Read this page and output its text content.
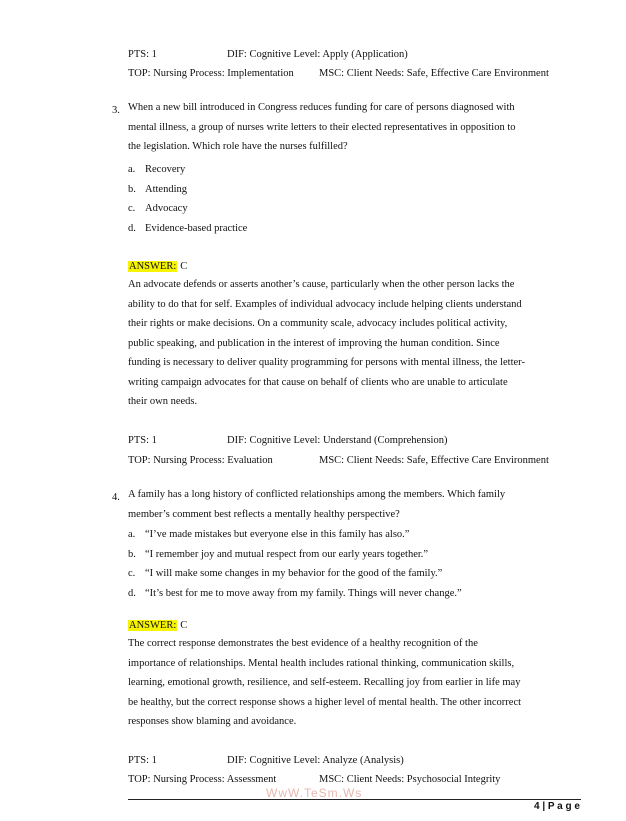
PTS: 1	DIF: Cognitive Level: Apply (Application)
TOP: Nursing Process: Implementation MSC: Client Needs: Safe, Effective Care Environment
3. When a new bill introduced in Congress reduces funding for care of persons diagnosed with
mental illness, a group of nurses write letters to their elected representatives in opposition to
the legislation. Which role have the nurses fulfilled?
a. Recovery
b. Attending
c. Advocacy
d. Evidence-based practice
ANSWER: C
An advocate defends or asserts another’s cause, particularly when the other person lacks the
ability to do that for self. Examples of individual advocacy include helping clients understand
their rights or make decisions. On a community scale, advocacy includes political activity,
public speaking, and publication in the interest of improving the human condition. Since
funding is necessary to deliver quality programming for persons with mental illness, the letter-
writing campaign advocates for that cause on behalf of clients who are unable to articulate
their own needs.
PTS: 1	DIF: Cognitive Level: Understand (Comprehension)
TOP: Nursing Process: Evaluation	MSC: Client Needs: Safe, Effective Care Environment
4. A family has a long history of conflicted relationships among the members. Which family
member’s comment best reflects a mentally healthy perspective?
a. “I’ve made mistakes but everyone else in this family has also.”
b. “I remember joy and mutual respect from our early years together.”
c. “I will make some changes in my behavior for the good of the family.”
d. “It’s best for me to move away from my family. Things will never change.”
ANSWER: C
The correct response demonstrates the best evidence of a healthy recognition of the
importance of relationships. Mental health includes rational thinking, communication skills,
learning, emotional growth, resilience, and self-esteem. Recalling joy from earlier in life may
be healthy, but the correct response shows a higher level of mental health. The other incorrect
responses show blaming and avoidance.
PTS: 1	DIF: Cognitive Level: Analyze (Analysis)
TOP: Nursing Process: Assessment	MSC: Client Needs: Psychosocial Integrity
WwW.TeSm.Ws
4 | P a g e
